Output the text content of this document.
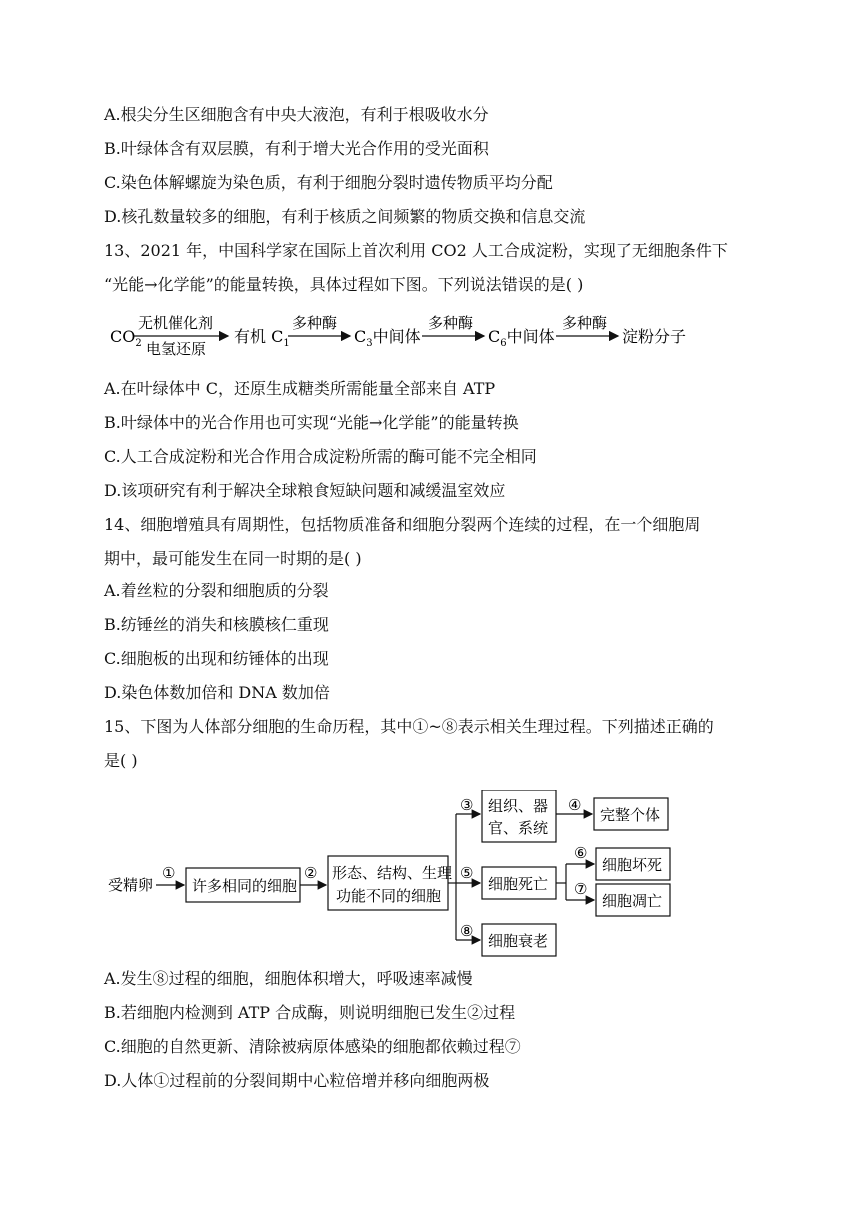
A.根尖分生区细胞含有中央大液泡，有利于根吸收水分
B.叶绿体含有双层膜，有利于增大光合作用的受光面积
C.染色体解螺旋为染色质，有利于细胞分裂时遗传物质平均分配
D.核孔数量较多的细胞，有利于核质之间频繁的物质交换和信息交流
13、2021 年，中国科学家在国际上首次利用 CO2 人工合成淀粉，实现了无细胞条件下
“光能→化学能”的能量转换，具体过程如下图。下列说法错误的是( )
$CO_2$
无机催化剂
电氢还原
有机 $C_1$
多种酶
$C_3$中间体
多种酶
$C_6$中间体
多种酶
淀粉分子
A.在叶绿体中 C，还原生成糖类所需能量全部来自 ATP
B.叶绿体中的光合作用也可实现“光能→化学能”的能量转换
C.人工合成淀粉和光合作用合成淀粉所需的酶可能不完全相同
D.该项研究有利于解决全球粮食短缺问题和减缓温室效应
14、细胞增殖具有周期性，包括物质准备和细胞分裂两个连续的过程，在一个细胞周
期中，最可能发生在同一时期的是( )
A.着丝粒的分裂和细胞质的分裂
B.纺锤丝的消失和核膜核仁重现
C.细胞板的出现和纺锤体的出现
D.染色体数加倍和 DNA 数加倍
15、下图为人体部分细胞的生命历程，其中①~⑧表示相关生理过程。下列描述正确的
是( )
受精卵
①
许多相同的细胞
② 形态、结构、生理
功能不同的细胞
③
⑤
⑧
组织、器
官、系统
④
完整个体
细胞死亡
⑥
⑦
细胞坏死
细胞凋亡
细胞衰老
A.发生⑧过程的细胞，细胞体积增大，呼吸速率减慢
B.若细胞内检测到 ATP 合成酶，则说明细胞已发生②过程
C.细胞的自然更新、清除被病原体感染的细胞都依赖过程⑦
D.人体①过程前的分裂间期中心粒倍增并移向细胞两极
